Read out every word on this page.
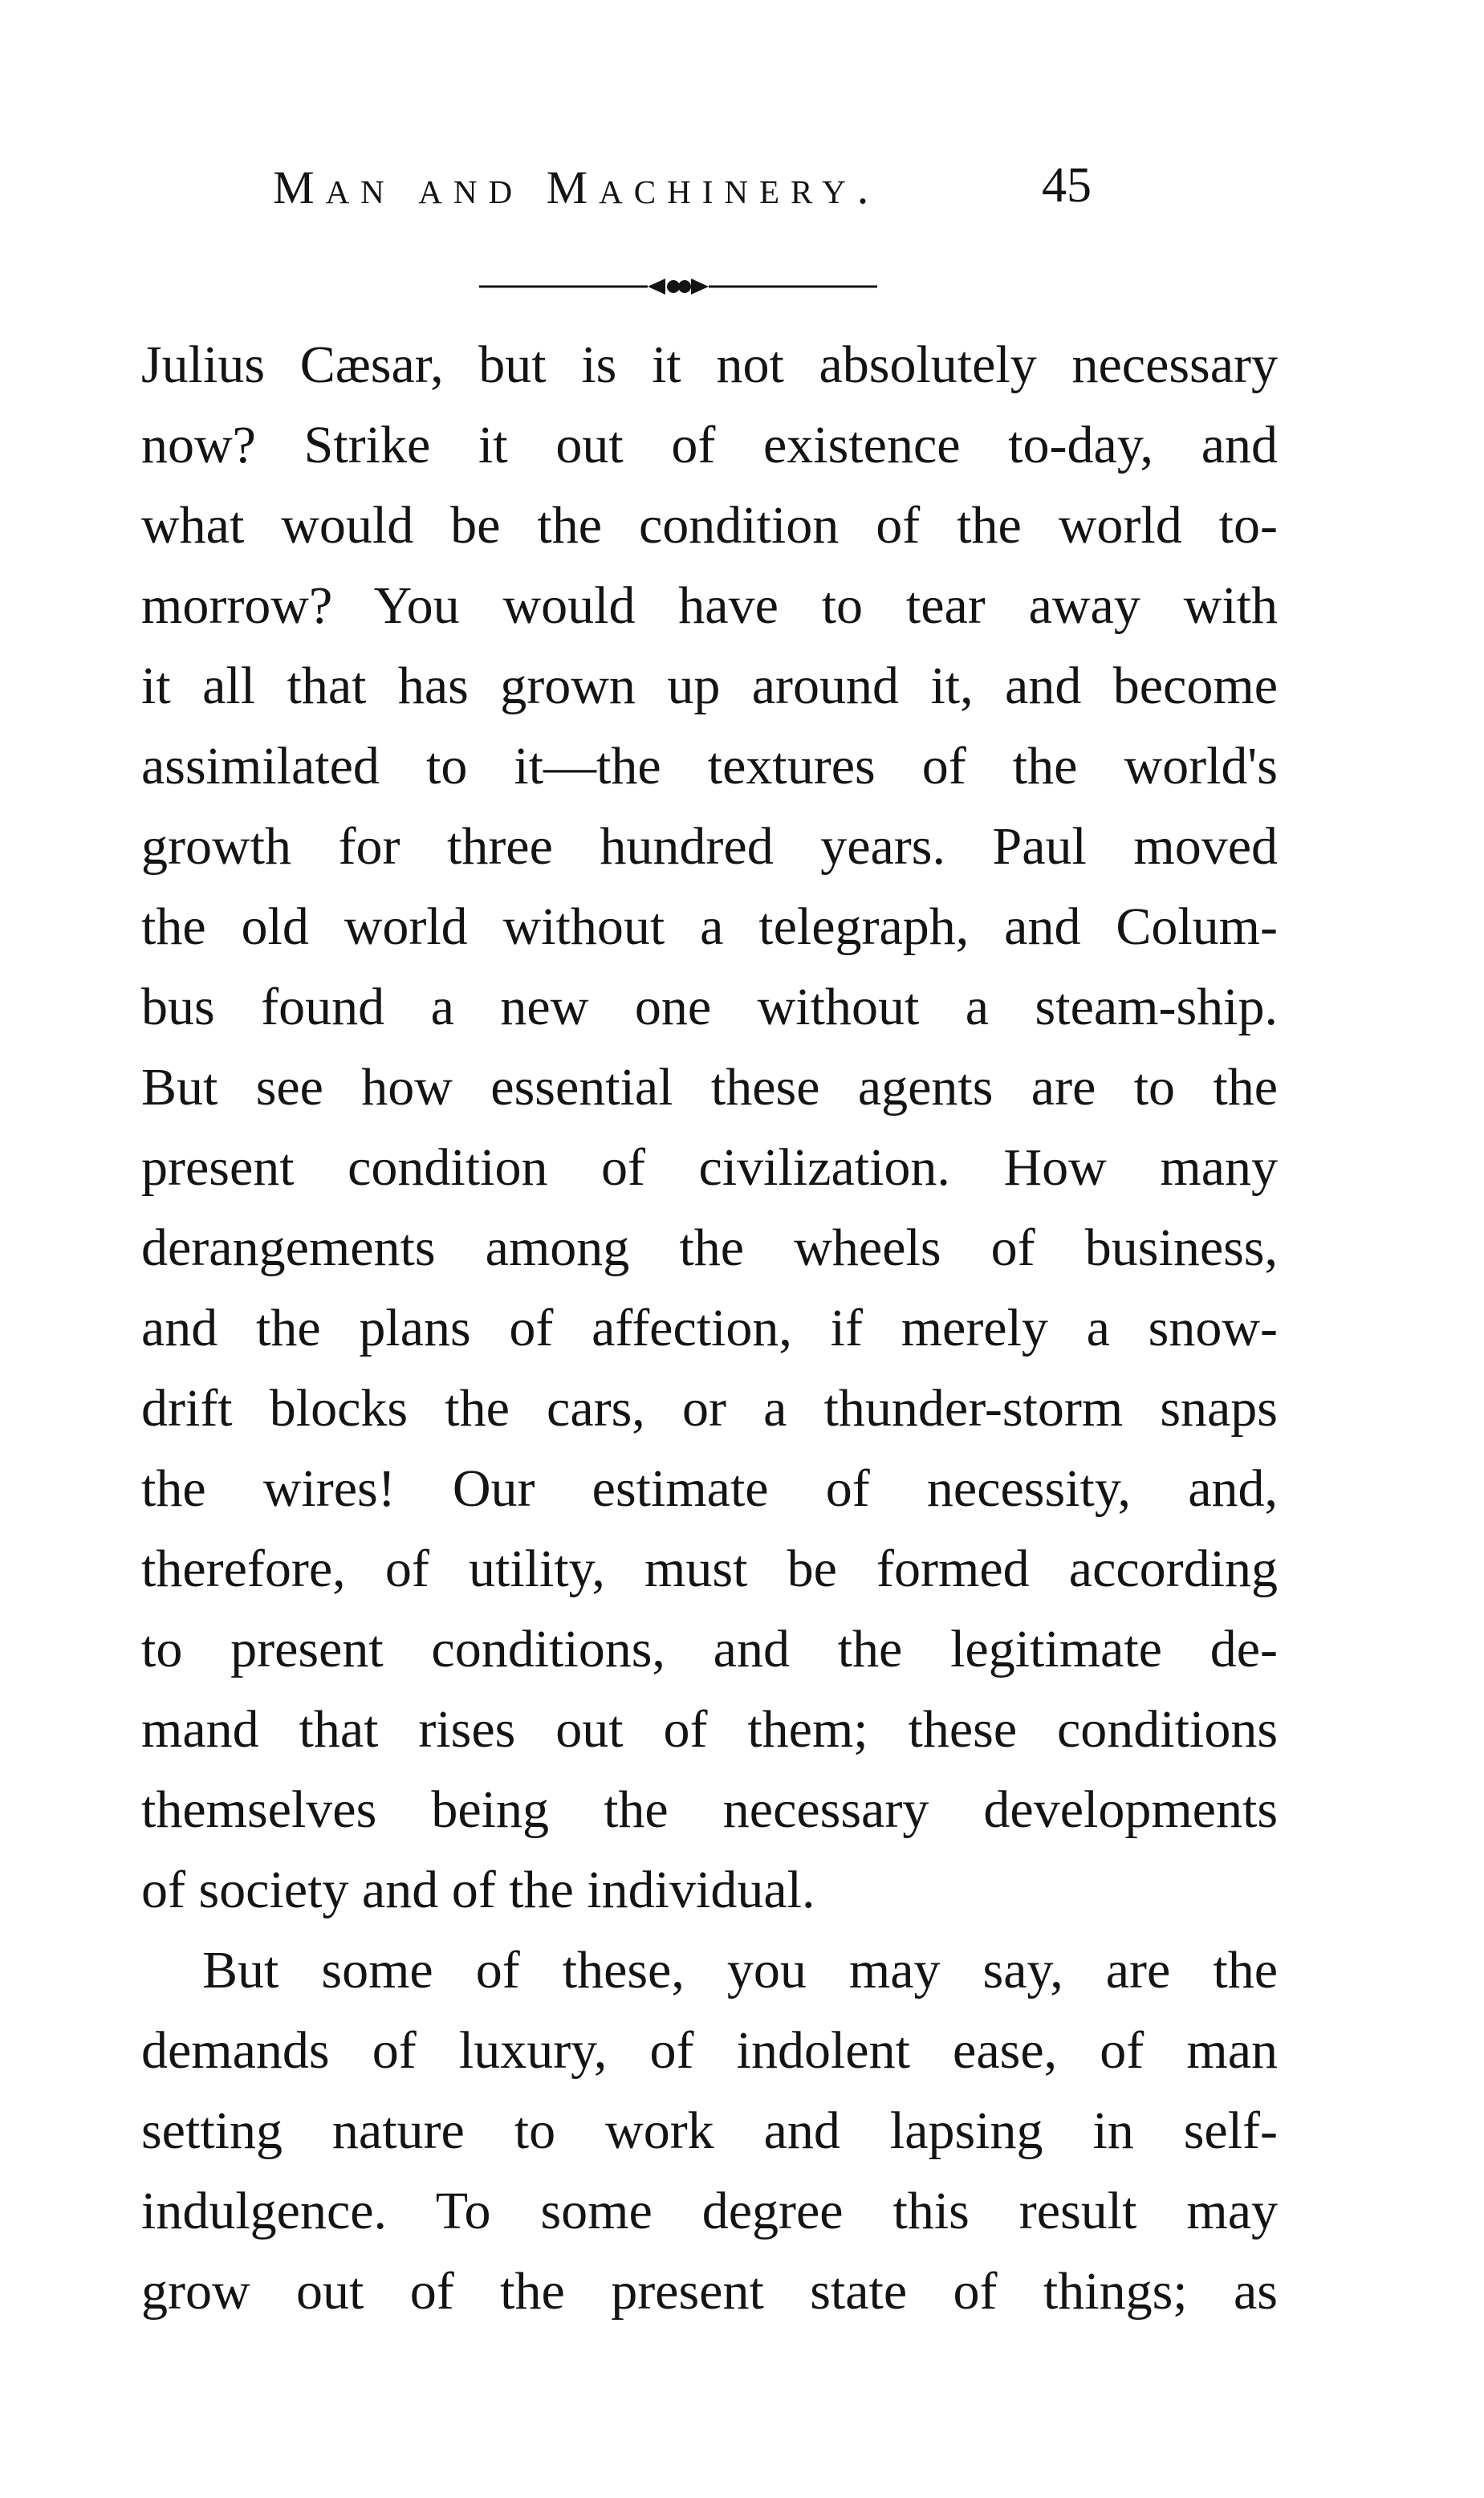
Man and Machinery.	45
Julius Cæsar, but is it not absolutely necessary
now? Strike it out of existence to-day, and
what would be the condition of the world to-
morrow? You would have to tear away with
it all that has grown up around it, and become
assimilated to it—the textures of the world's
growth for three hundred years. Paul moved
the old world without a telegraph, and Colum-
bus found a new one without a steam-ship.
But see how essential these agents are to the
present condition of civilization. How many
derangements among the wheels of business,
and the plans of affection, if merely a snow-
drift blocks the cars, or a thunder-storm snaps
the wires! Our estimate of necessity, and,
therefore, of utility, must be formed according
to present conditions, and the legitimate de-
mand that rises out of them; these conditions
themselves being the necessary developments
of society and of the individual.
But some of these, you may say, are the
demands of luxury, of indolent ease, of man
setting nature to work and lapsing in self-
indulgence. To some degree this result may
grow out of the present state of things; as
